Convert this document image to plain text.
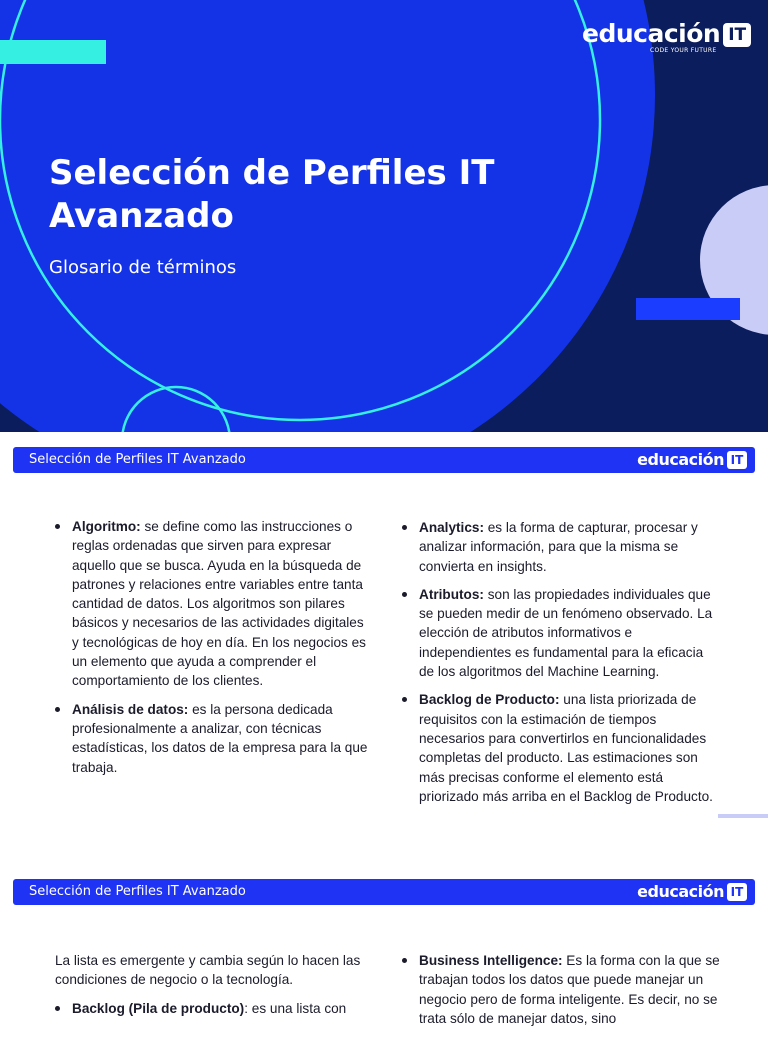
educación IT
CODE YOUR FUTURE
Selección de Perfiles IT Avanzado
Glosario de términos
Selección de Perfiles IT Avanzado	educación IT
Algoritmo: se define como las instrucciones o reglas ordenadas que sirven para expresar aquello que se busca. Ayuda en la búsqueda de patrones y relaciones entre variables entre tanta cantidad de datos. Los algoritmos son pilares básicos y necesarios de las actividades digitales y tecnológicas de hoy en día. En los negocios es un elemento que ayuda a comprender el comportamiento de los clientes.
Análisis de datos: es la persona dedicada profesionalmente a analizar, con técnicas estadísticas, los datos de la empresa para la que trabaja.
Analytics: es la forma de capturar, procesar y analizar información, para que la misma se convierta en insights.
Atributos: son las propiedades individuales que se pueden medir de un fenómeno observado. La elección de atributos informativos e independientes es fundamental para la eficacia de los algoritmos del Machine Learning.
Backlog de Producto: una lista priorizada de requisitos con la estimación de tiempos necesarios para convertirlos en funcionalidades completas del producto. Las estimaciones son más precisas conforme el elemento está priorizado más arriba en el Backlog de Producto.
Selección de Perfiles IT Avanzado	educación IT
La lista es emergente y cambia según lo hacen las condiciones de negocio o la tecnología.
Backlog (Pila de producto): es una lista con
Business Intelligence: Es la forma con la que se trabajan todos los datos que puede manejar un negocio pero de forma inteligente. Es decir, no se trata sólo de manejar datos, sino
